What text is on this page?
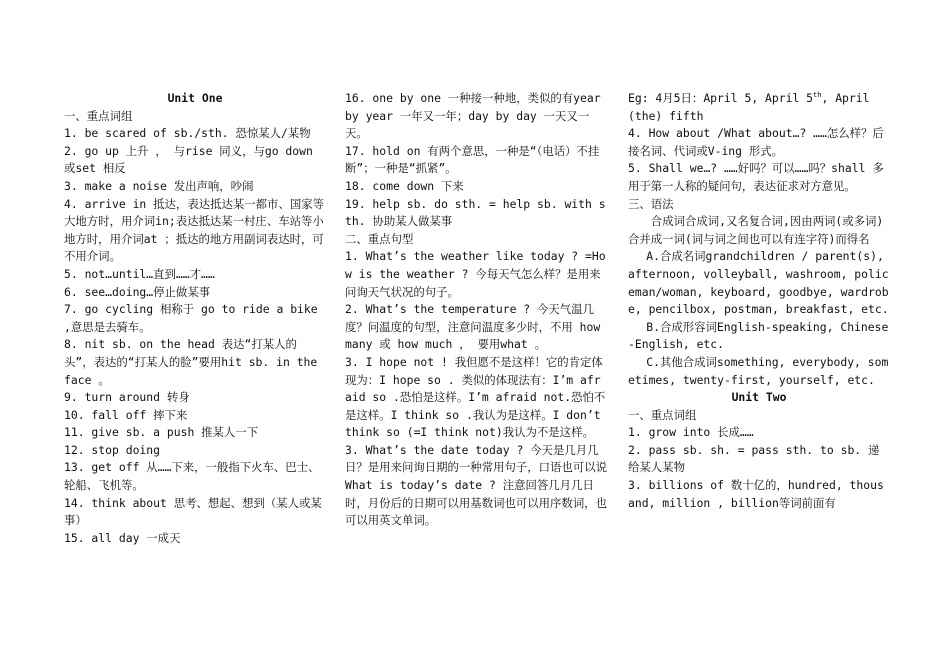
Unit One

一、重点词组

1. be scared of sb./sth. 恐惊某人/某物

2. go up 上升 ， 与rise 同义，与go down 或set 相反

3. make a noise 发出声响，吵闹

4. arrive in 抵达，表达抵达某一都市、国家等大地方时，用介词in;表达抵达某一村庄、车站等小地方时，用介词at ；抵达的地方用副词表达时，可不用介词。

5. not…until…直到……才……

6. see…doing…停止做某事

7. go cycling 相称于 go to ride a bike ,意思是去骑车。

8. nit sb. on the head 表达“打某人的头”，表达的“打某人的脸”要用hit sb. in the face 。

9. turn around 转身

10. fall off 摔下来

11. give sb. a push 推某人一下

12. stop doing

13. get off 从……下来，一般指下火车、巴士、轮船、飞机等。

14. think about 思考、想起、想到（某人或某事）

15. all day 一成天

16. one by one 一种接一种地，类似的有year by year 一年又一年；day by day 一天又一天。

17. hold on 有两个意思，一种是“（电话）不挂断”；一种是“抓紧”。

18. come down 下来

19. help sb. do sth. = help sb. with sth. 协助某人做某事

二、重点句型

1. What’s the weather like today ? =How is the weather ? 今每天气怎么样？是用来问询天气状况的句子。

2. What’s the temperature ? 今天气温几度？问温度的句型，注意问温度多少时，不用 how many 或 how much ， 要用what 。

3. I hope not ! 我但愿不是这样！它的肯定体现为：I hope so . 类似的体现法有：I’m afraid so .恐怕是这样。I’m afraid not.恐怕不是这样。I think so .我认为是这样。I don’t think so (=I think not)我认为不是这样。

3. What’s the date today ? 今天是几月几日？是用来问询日期的一种常用句子，口语也可以说What is today’s date ? 注意回答几月几日时，月份后的日期可以用基数词也可以用序数词，也可以用英文单词。

Eg: 4月5日：April 5, April 5th, April (the) fifth

4. How about /What about…? ……怎么样？后接名词、代词或V-ing 形式。

5. Shall we…? ……好吗？可以……吗？shall 多用于第一人称的疑问句，表达征求对方意见。

三、语法

合成词合成词,又名复合词,因由两词(或多词)合并成一词(词与词之间也可以有连字符)而得名

A.合成名词grandchildren / parent(s), afternoon, volleyball, washroom, policeman/woman, keyboard, goodbye, wardrobe, pencilbox, postman, breakfast, etc.

B.合成形容词English-speaking, Chinese-English, etc.

C.其他合成词something, everybody, sometimes, twenty-first, yourself, etc.

Unit Two

一、重点词组

1. grow into 长成……

2. pass sb. sh. = pass sth. to sb. 递给某人某物

3. billions of 数十亿的，hundred, thousand, million , billion等词前面有
